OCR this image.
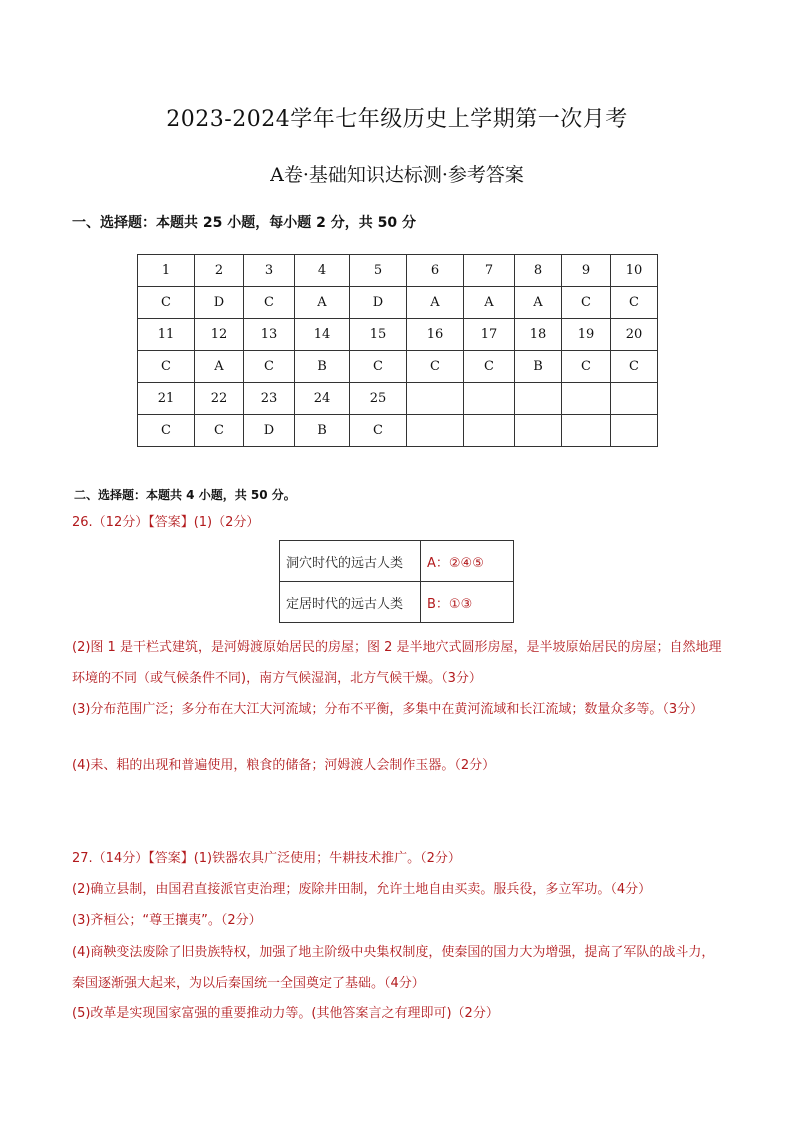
2023-2024学年七年级历史上学期第一次月考
A卷·基础知识达标测·参考答案
一、选择题：本题共 25 小题，每小题 2 分，共 50 分
1	2	3	4	5	6	7	8	9	10
C	D	C	A	D	A	A	A	C	C
11	12	13	14	15	16	17	18	19	20
C	A	C	B	C	C	C	B	C	C
21	22	23	24	25					
C	C	D	B	C					
二、选择题：本题共 4 小题，共 50 分。
26.（12分）【答案】(1)（2分）
洞穴时代的远古人类	A：②④⑤
定居时代的远古人类	B：①③
(2)图 1 是干栏式建筑，是河姆渡原始居民的房屋；图 2 是半地穴式圆形房屋，是半坡原始居民的房屋；自然地理环境的不同（或气候条件不同)，南方气候湿润，北方气候干燥。（3分）
(3)分布范围广泛；多分布在大江大河流域；分布不平衡，多集中在黄河流域和长江流域；数量众多等。（3分）
(4)耒、耜的出现和普遍使用，粮食的储备；河姆渡人会制作玉器。（2分）
27.（14分）【答案】(1)铁器农具广泛使用；牛耕技术推广。（2分）
(2)确立县制，由国君直接派官吏治理；废除井田制，允许土地自由买卖。服兵役，多立军功。（4分）
(3)齐桓公；“尊王攘夷”。（2分）
(4)商鞅变法废除了旧贵族特权，加强了地主阶级中央集权制度，使秦国的国力大为增强，提高了军队的战斗力，秦国逐渐强大起来，为以后秦国统一全国奠定了基础。（4分）
(5)改革是实现国家富强的重要推动力等。(其他答案言之有理即可)（2分）
